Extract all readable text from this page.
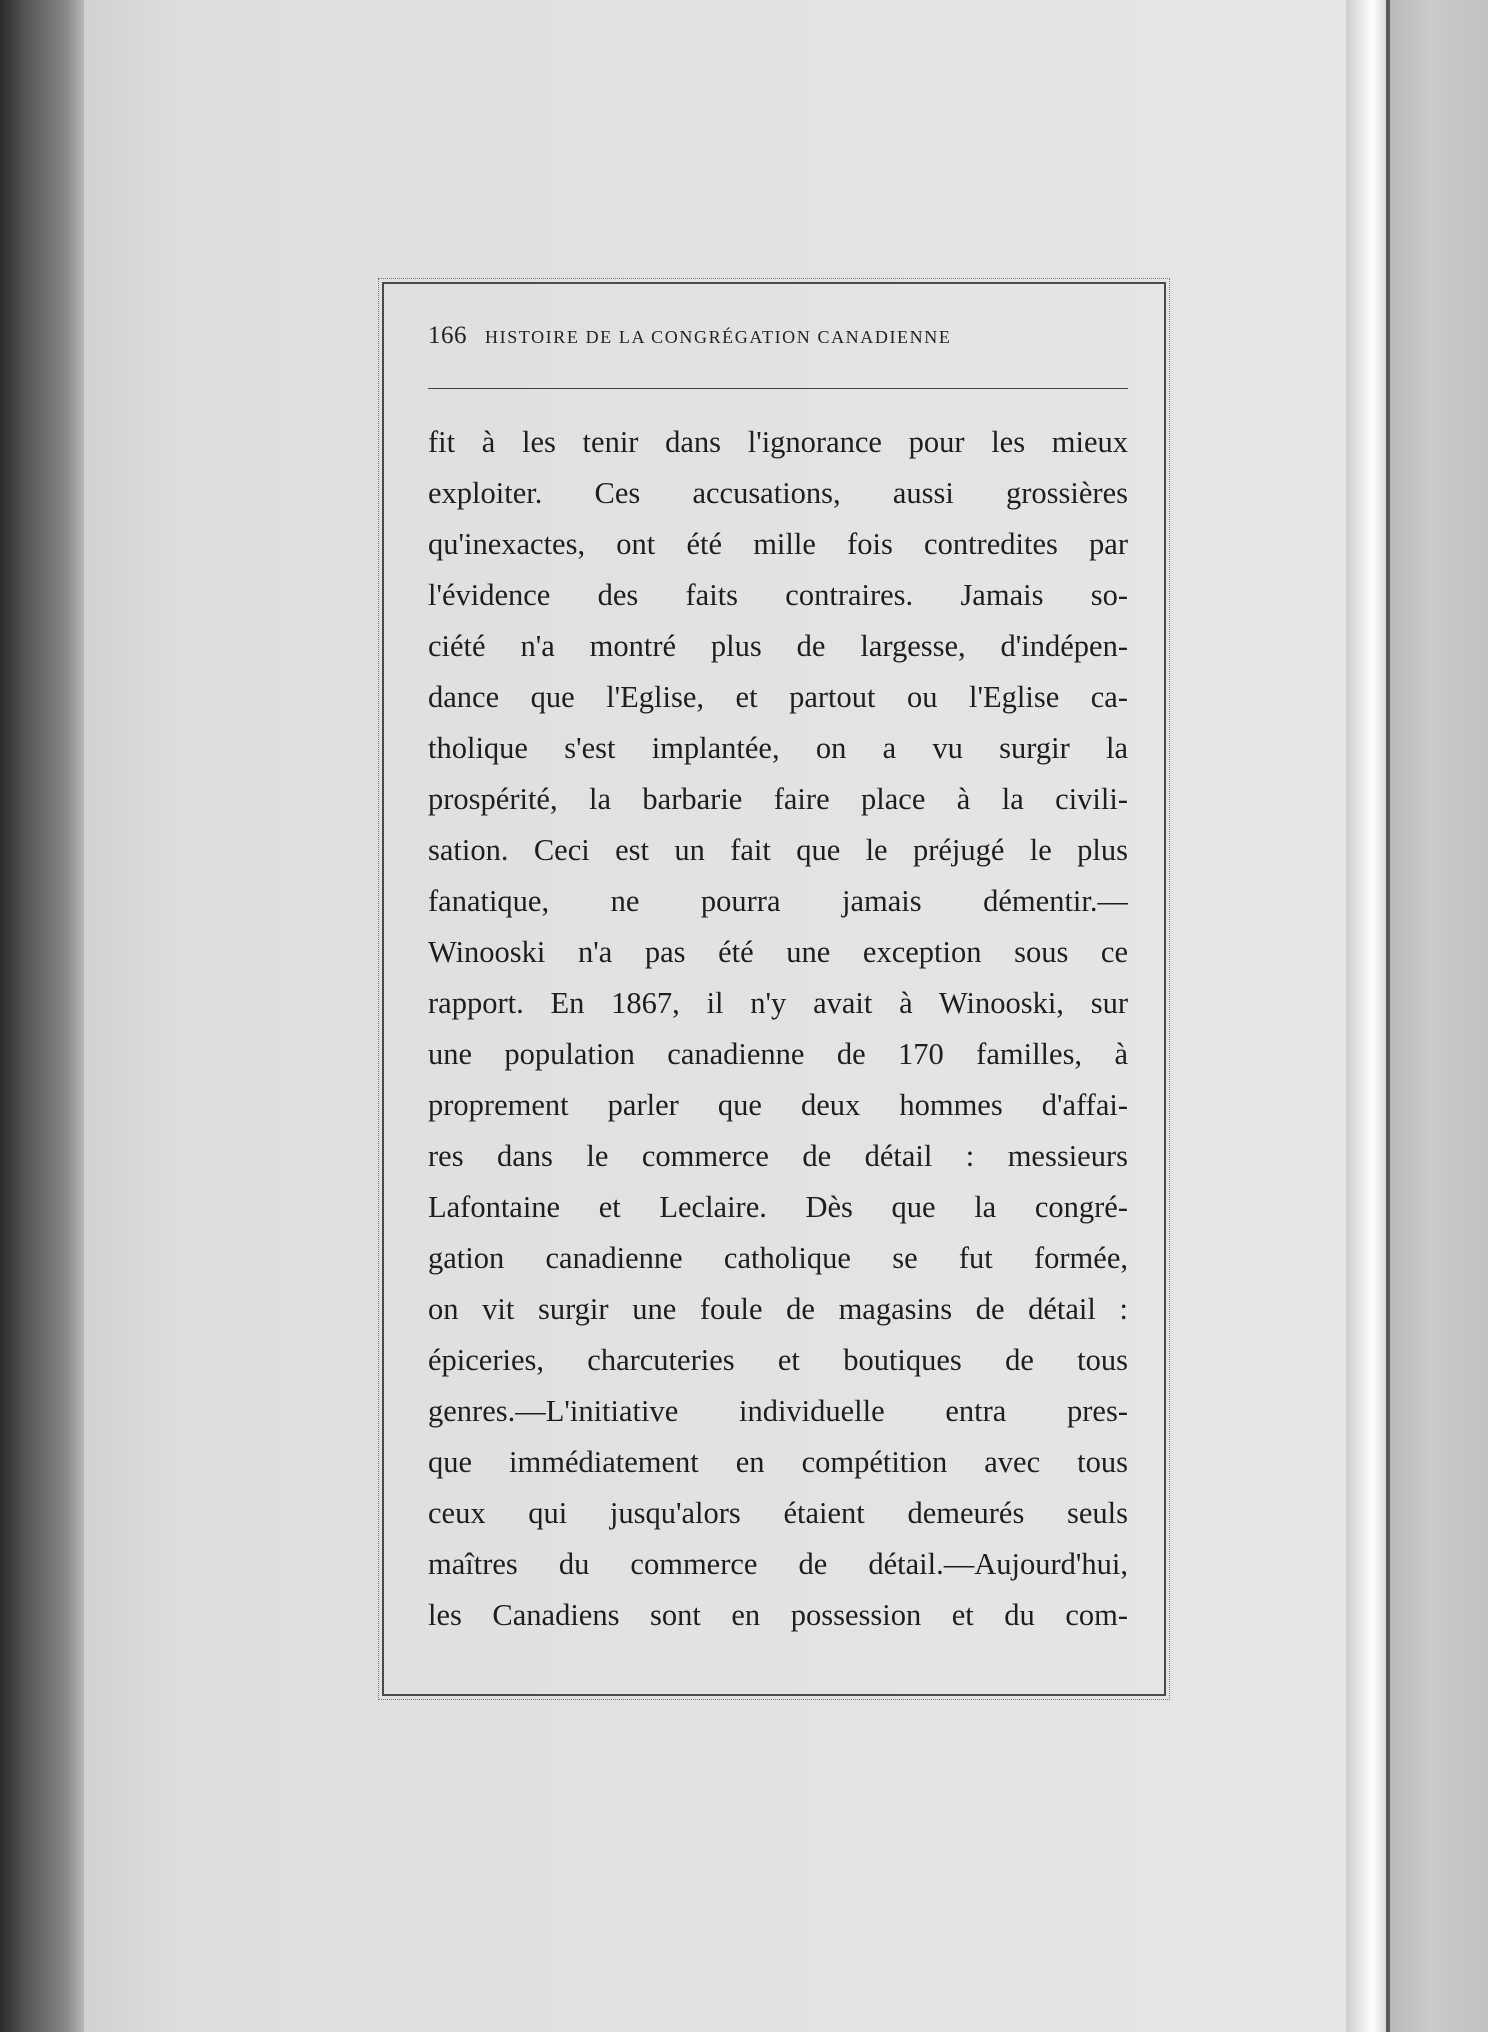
166 HISTOIRE DE LA CONGRÉGATION CANADIENNE
fit à les tenir dans l'ignorance pour les mieux
exploiter. Ces accusations, aussi grossières
qu'inexactes, ont été mille fois contredites par
l'évidence des faits contraires. Jamais so-
ciété n'a montré plus de largesse, d'indépen-
dance que l'Eglise, et partout ou l'Eglise ca-
tholique s'est implantée, on a vu surgir la
prospérité, la barbarie faire place à la civili-
sation. Ceci est un fait que le préjugé le plus
fanatique, ne pourra jamais démentir.—
Winooski n'a pas été une exception sous ce
rapport. En 1867, il n'y avait à Winooski, sur
une population canadienne de 170 familles, à
proprement parler que deux hommes d'affai-
res dans le commerce de détail : messieurs
Lafontaine et Leclaire. Dès que la congré-
gation canadienne catholique se fut formée,
on vit surgir une foule de magasins de détail :
épiceries, charcuteries et boutiques de tous
genres.—L'initiative individuelle entra pres-
que immédiatement en compétition avec tous
ceux qui jusqu'alors étaient demeurés seuls
maîtres du commerce de détail.—Aujourd'hui,
les Canadiens sont en possession et du com-
